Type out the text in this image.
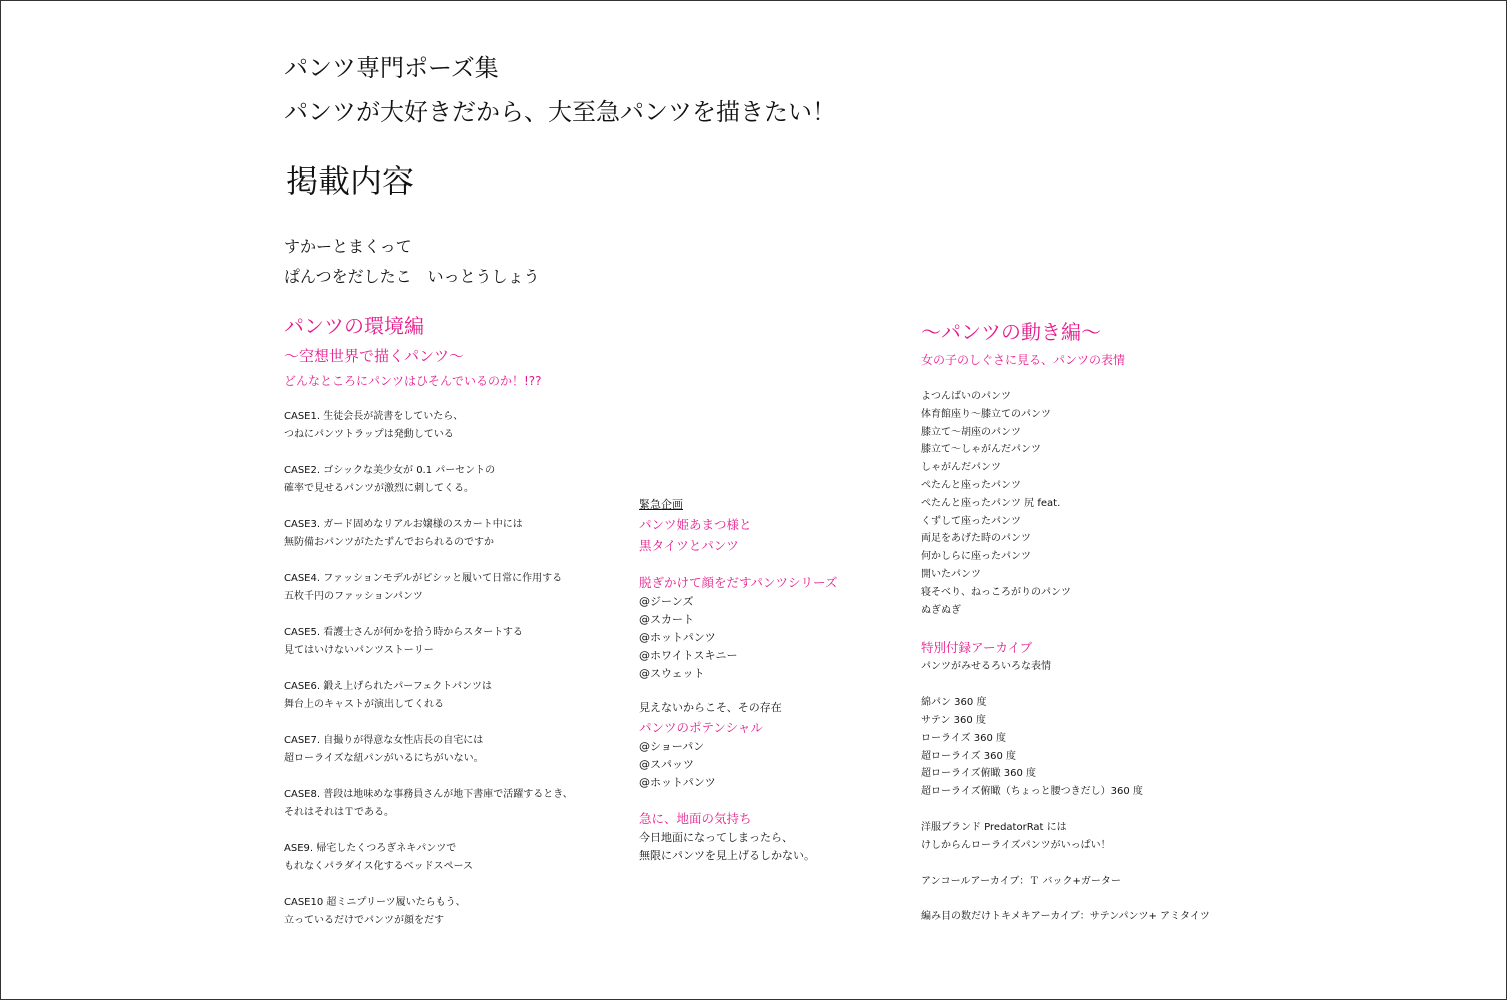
パンツ専門ポーズ集
パンツが大好きだから、大至急パンツを描きたい！
掲載内容
すかーとまくって
ぱんつをだしたこ　いっとうしょう
パンツの環境編
～空想世界で描くパンツ～
どんなところにパンツはひそんでいるのか！!??
CASE1. 生徒会長が読書をしていたら、
つねにパンツトラップは発動している
CASE2. ゴシックな美少女が 0.1 パーセントの
確率で見せるパンツが激烈に刺してくる。
CASE3. ガード固めなリアルお嬢様のスカート中には
無防備おパンツがたたずんでおられるのですか
CASE4. ファッションモデルがピシッと履いて日常に作用する
五枚千円のファッションパンツ
CASE5. 看護士さんが何かを拾う時からスタートする
見てはいけないパンツストーリー
CASE6. 鍛え上げられたパーフェクトパンツは
舞台上のキャストが演出してくれる
CASE7. 自撮りが得意な女性店長の自宅には
超ローライズな紐パンがいるにちがいない。
CASE8. 普段は地味めな事務員さんが地下書庫で活躍するとき、
それはそれはＴである。
ASE9. 帰宅したくつろぎネキパンツで
もれなくパラダイス化するベッドスペース
CASE10 超ミニプリーツ履いたらもう、
立っているだけでパンツが顔をだす
緊急企画
パンツ姫あまつ様と
黒タイツとパンツ
脱ぎかけて顔をだすパンツシリーズ
@ジーンズ
@スカート
@ホットパンツ
@ホワイトスキニー
@スウェット
見えないからこそ、その存在
パンツのポテンシャル
@ショーパン
@スパッツ
@ホットパンツ
急に、地面の気持ち
今日地面になってしまったら、
無限にパンツを見上げるしかない。
～パンツの動き編～
女の子のしぐさに見る、パンツの表情
よつんばいのパンツ
体育館座り～膝立てのパンツ
膝立て～胡座のパンツ
膝立て～しゃがんだパンツ
しゃがんだパンツ
ぺたんと座ったパンツ
ぺたんと座ったパンツ 尻 feat.
くずして座ったパンツ
両足をあげた時のパンツ
何かしらに座ったパンツ
開いたパンツ
寝そべり、ねっころがりのパンツ
ぬぎぬぎ
特別付録アーカイブ
パンツがみせるろいろな表情
綿パン 360 度
サテン 360 度
ローライズ 360 度
超ローライズ 360 度
超ローライズ俯瞰 360 度
超ローライズ俯瞰（ちょっと腰つきだし）360 度
洋服ブランド PredatorRat には
けしからんローライズパンツがいっぱい！
アンコールアーカイブ：Ｔ バック+ガーター
編み目の数だけトキメキアーカイブ：サテンパンツ+ アミタイツ
